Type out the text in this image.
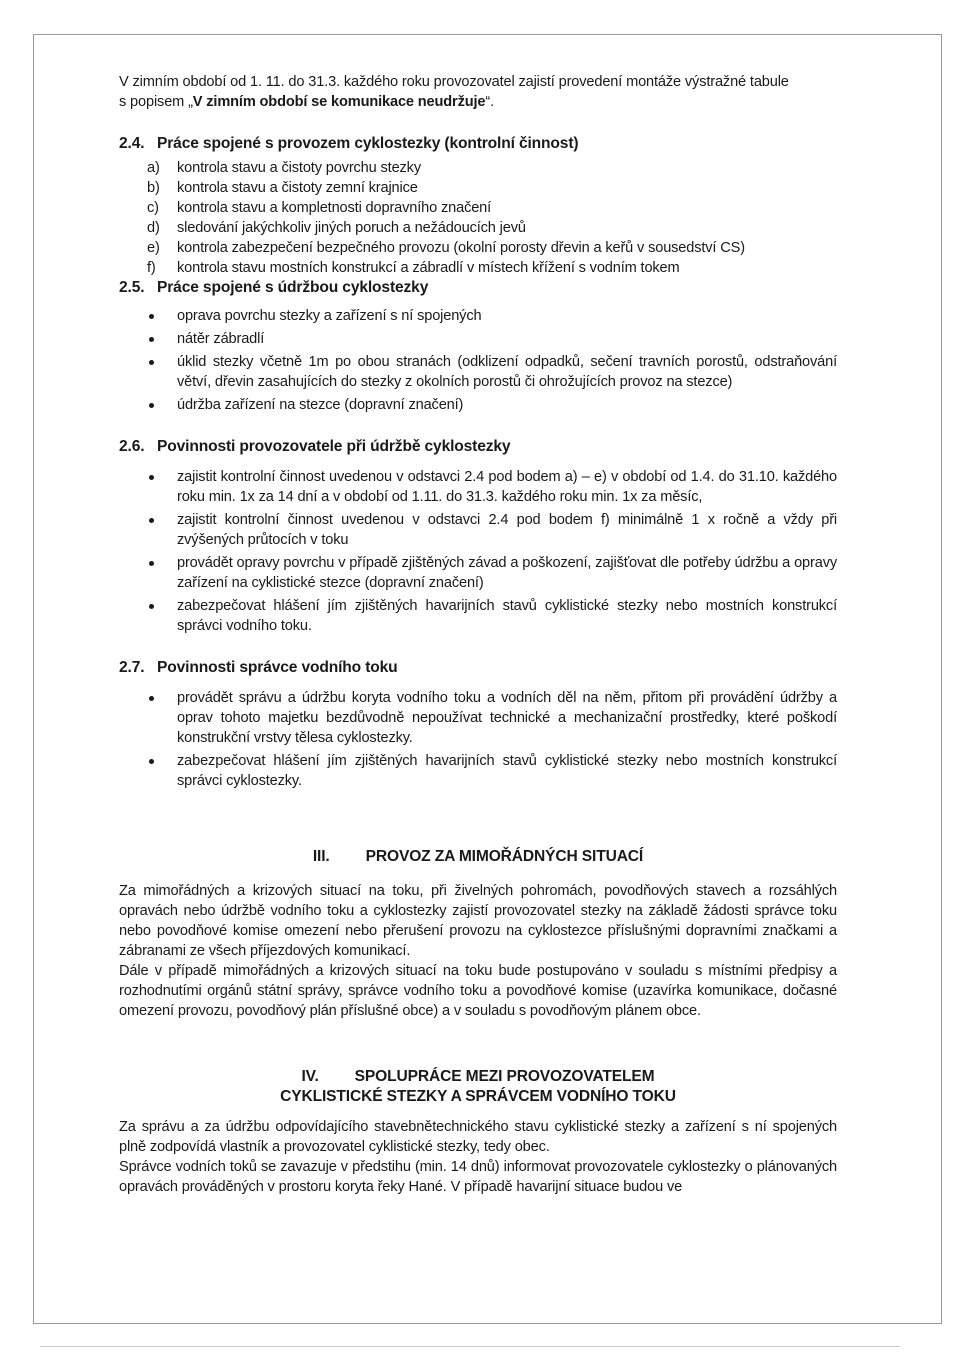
V zimním období od 1. 11. do 31.3. každého roku provozovatel zajistí provedení montáže výstražné tabule
s popisem „V zimním období se komunikace neudržuje“.

2.4. Práce spojené s provozem cyklostezky (kontrolní činnost)

a) kontrola stavu a čistoty povrchu stezky
b) kontrola stavu a čistoty zemní krajnice
c) kontrola stavu a kompletnosti dopravního značení
d) sledování jakýchkoliv jiných poruch a nežádoucích jevů
e) kontrola zabezpečení bezpečného provozu (okolní porosty dřevin a keřů v sousedství CS)
f) kontrola stavu mostních konstrukcí a zábradlí v místech křížení s vodním tokem

2.5. Práce spojené s údržbou cyklostezky

oprava povrchu stezky a zařízení s ní spojených
nátěr zábradlí
úklid stezky včetně 1m po obou stranách (odklizení odpadků, sečení travních porostů, odstraňování větví, dřevin zasahujících do stezky z okolních porostů či ohrožujících provoz na stezce)
údržba zařízení na stezce (dopravní značení)

2.6. Povinnosti provozovatele při údržbě cyklostezky

zajistit kontrolní činnost uvedenou v odstavci 2.4 pod bodem a) – e) v období od 1.4. do 31.10. každého roku min. 1x za 14 dní a v období od 1.11. do 31.3. každého roku min. 1x za měsíc,
zajistit kontrolní činnost uvedenou v odstavci 2.4 pod bodem f) minimálně 1 x ročně a vždy při zvýšených průtocích v toku
provádět opravy povrchu v případě zjištěných závad a poškození, zajišťovat dle potřeby údržbu a opravy zařízení na cyklistické stezce (dopravní značení)
zabezpečovat hlášení jím zjištěných havarijních stavů cyklistické stezky nebo mostních konstrukcí správci vodního toku.

2.7. Povinnosti správce vodního toku

provádět správu a údržbu koryta vodního toku a vodních děl na něm, přitom při provádění údržby a oprav tohoto majetku bezdůvodně nepoužívat technické a mechanizační prostředky, které poškodí konstrukční vrstvy tělesa cyklostezky.
zabezpečovat hlášení jím zjištěných havarijních stavů cyklistické stezky nebo mostních konstrukcí správci cyklostezky.

III. PROVOZ ZA MIMOŘÁDNÝCH SITUACÍ

Za mimořádných a krizových situací na toku, při živelných pohromách, povodňových stavech a rozsáhlých opravách nebo údržbě vodního toku a cyklostezky zajistí provozovatel stezky na základě žádosti správce toku nebo povodňové komise omezení nebo přerušení provozu na cyklostezce příslušnými dopravními značkami a zábranami ze všech příjezdových komunikací.

Dále v případě mimořádných a krizových situací na toku bude postupováno v souladu s místními předpisy a rozhodnutími orgánů státní správy, správce vodního toku a povodňové komise (uzavírka komunikace, dočasné omezení provozu, povodňový plán příslušné obce) a v souladu s povodňovým plánem obce.

IV. SPOLUPRÁCE MEZI PROVOZOVATELEM
CYKLISTICKÉ STEZKY A SPRÁVCEM VODNÍHO TOKU

Za správu a za údržbu odpovídajícího stavebnětechnického stavu cyklistické stezky a zařízení s ní spojených plně zodpovídá vlastník a provozovatel cyklistické stezky, tedy obec.

Správce vodních toků se zavazuje v předstihu (min. 14 dnů) informovat provozovatele cyklostezky o plánovaných opravách prováděných v prostoru koryta řeky Hané. V případě havarijní situace budou ve
